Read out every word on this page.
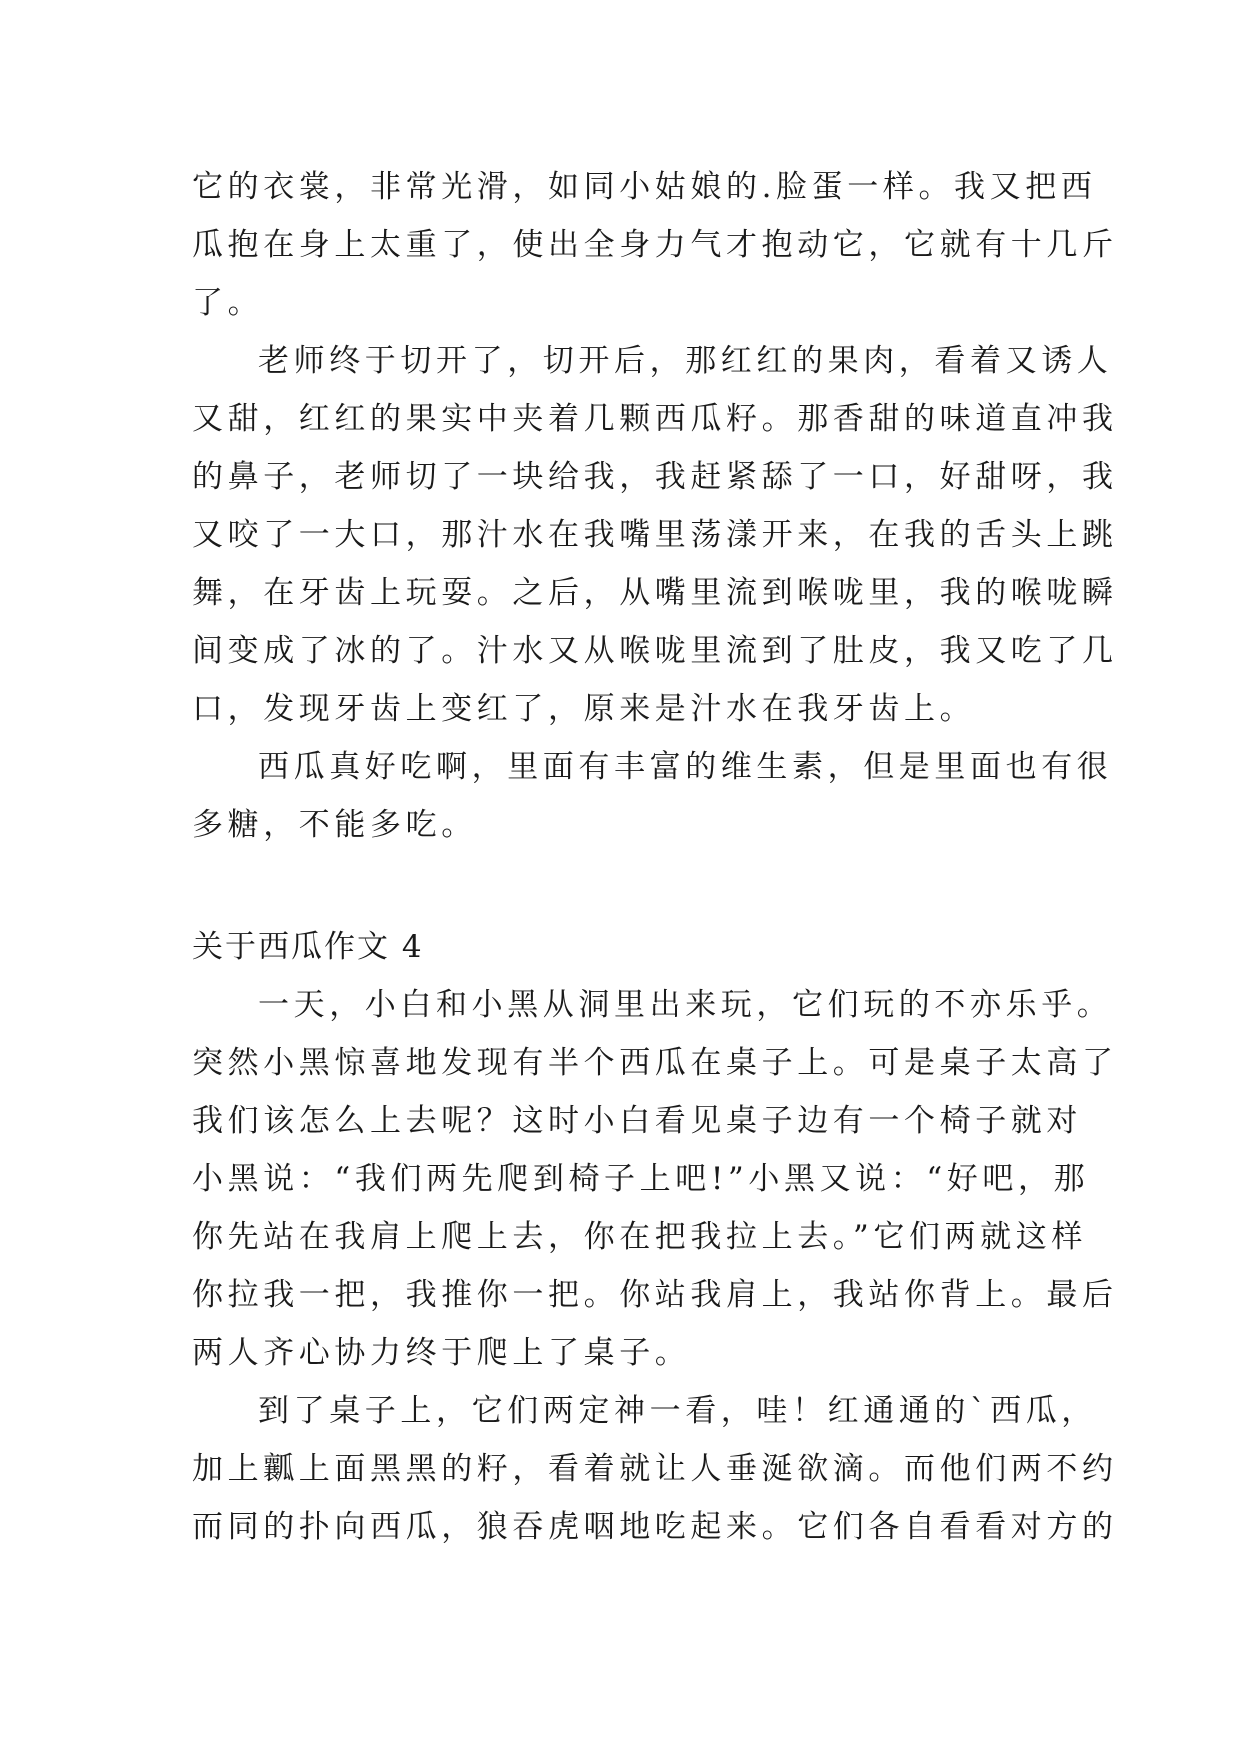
它的衣裳，非常光滑，如同小姑娘的.脸蛋一样。我又把西
瓜抱在身上太重了，使出全身力气才抱动它，它就有十几斤
了。
老师终于切开了，切开后，那红红的果肉，看着又诱人
又甜，红红的果实中夹着几颗西瓜籽。那香甜的味道直冲我
的鼻子，老师切了一块给我，我赶紧舔了一口，好甜呀，我
又咬了一大口，那汁水在我嘴里荡漾开来，在我的舌头上跳
舞，在牙齿上玩耍。之后，从嘴里流到喉咙里，我的喉咙瞬
间变成了冰的了。汁水又从喉咙里流到了肚皮，我又吃了几
口，发现牙齿上变红了，原来是汁水在我牙齿上。
西瓜真好吃啊，里面有丰富的维生素，但是里面也有很
多糖，不能多吃。
关于西瓜作文 4
一天，小白和小黑从洞里出来玩，它们玩的不亦乐乎。
突然小黑惊喜地发现有半个西瓜在桌子上。可是桌子太高了
我们该怎么上去呢？这时小白看见桌子边有一个椅子就对
小黑说：“我们两先爬到椅子上吧!”小黑又说：“好吧，那
你先站在我肩上爬上去，你在把我拉上去。”它们两就这样
你拉我一把，我推你一把。你站我肩上，我站你背上。最后
两人齐心协力终于爬上了桌子。
到了桌子上，它们两定神一看，哇！红通通的`西瓜，
加上瓤上面黑黑的籽，看着就让人垂涎欲滴。而他们两不约
而同的扑向西瓜，狼吞虎咽地吃起来。它们各自看看对方的
